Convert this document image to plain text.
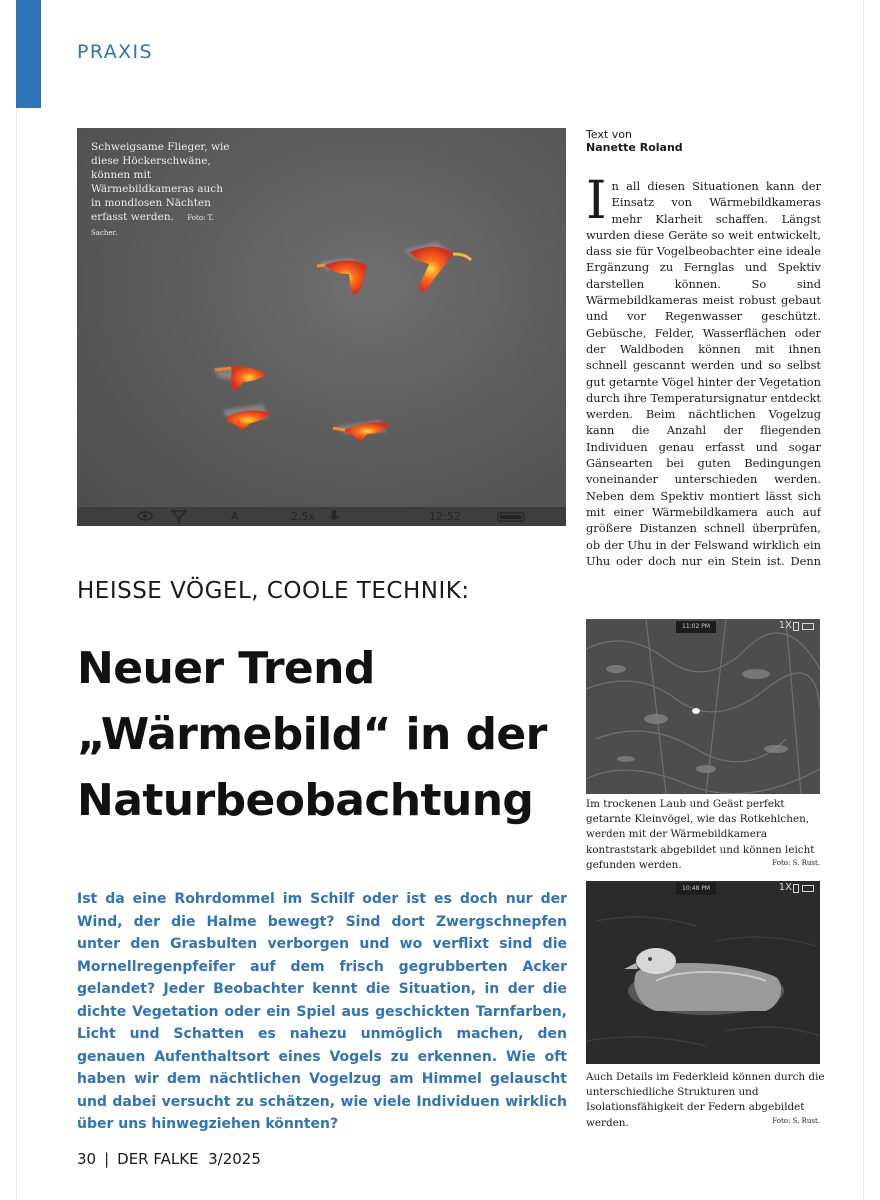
PRAXIS
Schweigsame Flieger, wie diese Höckerschwäne, können mit Wärmebildkameras auch in mondlosen Nächten erfasst werden. Foto: T. Sacher.
A	2.5x	12:52
Text von
Nanette Roland
I n all diesen Situationen kann der Einsatz von Wärmebildkameras mehr Klarheit schaffen. Längst wurden diese Geräte so weit entwickelt, dass sie für Vogelbeobachter eine ideale Ergänzung zu Fernglas und Spektiv darstellen können. So sind Wärmebildkameras meist robust gebaut und vor Regenwasser geschützt. Gebüsche, Felder, Wasserflächen oder der Waldboden können mit ihnen schnell gescannt werden und so selbst gut getarnte Vögel hinter der Vegetation durch ihre Temperatursignatur entdeckt werden. Beim nächtlichen Vogelzug kann die Anzahl der fliegenden Individuen genau erfasst und sogar Gänsearten bei guten Bedingungen voneinander unterschieden werden. Neben dem Spektiv montiert lässt sich mit einer Wärmebildkamera auch auf größere Distanzen schnell überprüfen, ob der Uhu in der Felswand wirklich ein Uhu oder doch nur ein Stein ist. Denn
HEISSE VÖGEL, COOLE TECHNIK:
Neuer Trend
„Wärmebild“ in der
Naturbeobachtung
Ist da eine Rohrdommel im Schilf oder ist es doch nur der Wind, der die Halme bewegt? Sind dort Zwergschnepfen unter den Grasbulten verborgen und wo verflixt sind die Mornellregenpfeifer auf dem frisch gegrubberten Acker gelandet? Jeder Beobachter kennt die Situation, in der die dichte Vegetation oder ein Spiel aus geschickten Tarnfarben, Licht und Schatten es nahezu unmöglich machen, den genauen Aufenthaltsort eines Vogels zu erkennen. Wie oft haben wir dem nächtlichen Vogelzug am Himmel gelauscht und dabei versucht zu schätzen, wie viele Individuen wirklich über uns hinwegziehen könnten?
11:02 PM	1X
Im trockenen Laub und Geäst perfekt getarnte Kleinvögel, wie das Rotkehlchen, werden mit der Wärmebildkamera kontraststark abgebildet und können leicht gefunden werden.	Foto: S. Rust.
10:48 PM	1X
Auch Details im Federkleid können durch die unterschiedliche Strukturen und Isolationsfähigkeit der Federn abgebildet werden.	Foto: S. Rust.
30 | DER FALKE 3/2025
